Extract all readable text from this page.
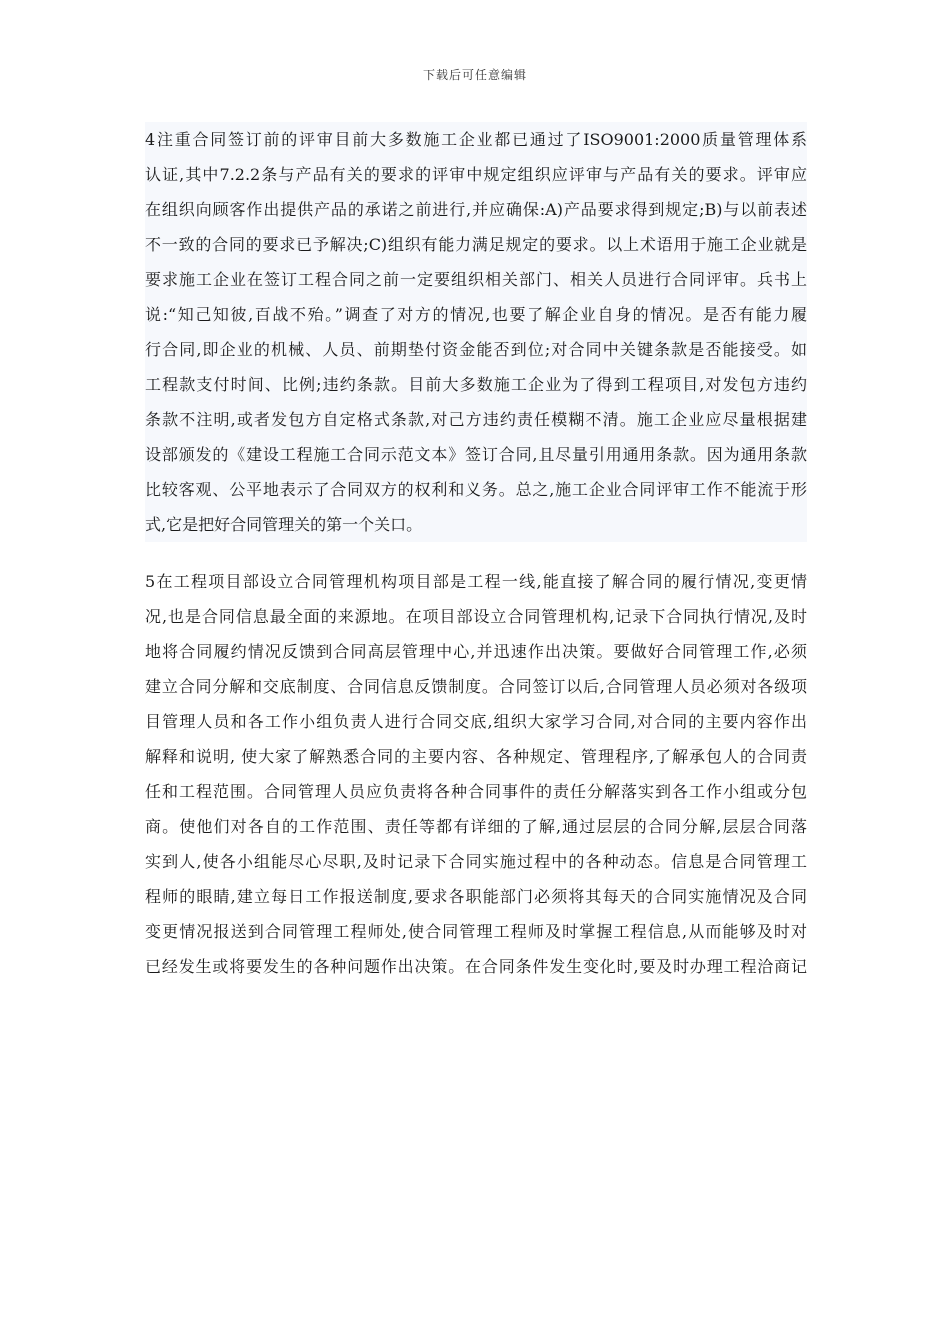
下载后可任意编辑
4注重合同签订前的评审目前大多数施工企业都已通过了ISO9001:2000质量管理体系
认证,其中7.2.2条与产品有关的要求的评审中规定组织应评审与产品有关的要求。评审应
在组织向顾客作出提供产品的承诺之前进行,并应确保:A)产品要求得到规定;B)与以前表述
不一致的合同的要求已予解决;C)组织有能力满足规定的要求。以上术语用于施工企业就是
要求施工企业在签订工程合同之前一定要组织相关部门、相关人员进行合同评审。兵书上
说:“知己知彼,百战不殆。”调查了对方的情况,也要了解企业自身的情况。是否有能力履
行合同,即企业的机械、人员、前期垫付资金能否到位;对合同中关键条款是否能接受。如
工程款支付时间、比例;违约条款。目前大多数施工企业为了得到工程项目,对发包方违约
条款不注明,或者发包方自定格式条款,对己方违约责任模糊不清。施工企业应尽量根据建
设部颁发的《建设工程施工合同示范文本》签订合同,且尽量引用通用条款。因为通用条款
比较客观、公平地表示了合同双方的权利和义务。总之,施工企业合同评审工作不能流于形
式,它是把好合同管理关的第一个关口。
5在工程项目部设立合同管理机构项目部是工程一线,能直接了解合同的履行情况,变更情
况,也是合同信息最全面的来源地。在项目部设立合同管理机构,记录下合同执行情况,及时
地将合同履约情况反馈到合同高层管理中心,并迅速作出决策。要做好合同管理工作,必须
建立合同分解和交底制度、合同信息反馈制度。合同签订以后,合同管理人员必须对各级项
目管理人员和各工作小组负责人进行合同交底,组织大家学习合同,对合同的主要内容作出
解释和说明, 使大家了解熟悉合同的主要内容、各种规定、管理程序,了解承包人的合同责
任和工程范围。合同管理人员应负责将各种合同事件的责任分解落实到各工作小组或分包
商。使他们对各自的工作范围、责任等都有详细的了解,通过层层的合同分解,层层合同落
实到人,使各小组能尽心尽职,及时记录下合同实施过程中的各种动态。信息是合同管理工
程师的眼睛,建立每日工作报送制度,要求各职能部门必须将其每天的合同实施情况及合同
变更情况报送到合同管理工程师处,使合同管理工程师及时掌握工程信息,从而能够及时对
已经发生或将要发生的各种问题作出决策。在合同条件发生变化时,要及时办理工程洽商记
